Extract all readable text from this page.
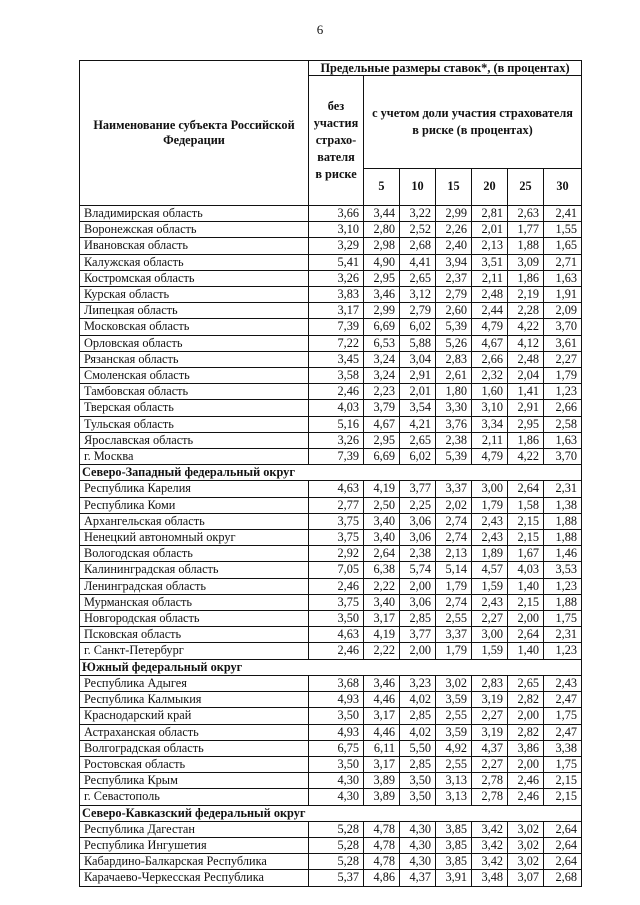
6
Наименование субъекта Российской Федерации	Предельные размеры ставок*, (в процентах)						
	без участия страхо-вателя в риске	с учетом доли участия страхователя в риске (в процентах)					
		5	10	15	20	25	30
Владимирская область	3,66	3,44	3,22	2,99	2,81	2,63	2,41
Воронежская область	3,10	2,80	2,52	2,26	2,01	1,77	1,55
Ивановская область	3,29	2,98	2,68	2,40	2,13	1,88	1,65
Калужская область	5,41	4,90	4,41	3,94	3,51	3,09	2,71
Костромская область	3,26	2,95	2,65	2,37	2,11	1,86	1,63
Курская область	3,83	3,46	3,12	2,79	2,48	2,19	1,91
Липецкая область	3,17	2,99	2,79	2,60	2,44	2,28	2,09
Московская область	7,39	6,69	6,02	5,39	4,79	4,22	3,70
Орловская область	7,22	6,53	5,88	5,26	4,67	4,12	3,61
Рязанская область	3,45	3,24	3,04	2,83	2,66	2,48	2,27
Смоленская область	3,58	3,24	2,91	2,61	2,32	2,04	1,79
Тамбовская область	2,46	2,23	2,01	1,80	1,60	1,41	1,23
Тверская область	4,03	3,79	3,54	3,30	3,10	2,91	2,66
Тульская область	5,16	4,67	4,21	3,76	3,34	2,95	2,58
Ярославская область	3,26	2,95	2,65	2,38	2,11	1,86	1,63
г. Москва	7,39	6,69	6,02	5,39	4,79	4,22	3,70
Северо-Западный федеральный округ							
Республика Карелия	4,63	4,19	3,77	3,37	3,00	2,64	2,31
Республика Коми	2,77	2,50	2,25	2,02	1,79	1,58	1,38
Архангельская область	3,75	3,40	3,06	2,74	2,43	2,15	1,88
Ненецкий автономный округ	3,75	3,40	3,06	2,74	2,43	2,15	1,88
Вологодская область	2,92	2,64	2,38	2,13	1,89	1,67	1,46
Калининградская область	7,05	6,38	5,74	5,14	4,57	4,03	3,53
Ленинградская область	2,46	2,22	2,00	1,79	1,59	1,40	1,23
Мурманская область	3,75	3,40	3,06	2,74	2,43	2,15	1,88
Новгородская область	3,50	3,17	2,85	2,55	2,27	2,00	1,75
Псковская область	4,63	4,19	3,77	3,37	3,00	2,64	2,31
г. Санкт-Петербург	2,46	2,22	2,00	1,79	1,59	1,40	1,23
Южный федеральный округ							
Республика Адыгея	3,68	3,46	3,23	3,02	2,83	2,65	2,43
Республика Калмыкия	4,93	4,46	4,02	3,59	3,19	2,82	2,47
Краснодарский край	3,50	3,17	2,85	2,55	2,27	2,00	1,75
Астраханская область	4,93	4,46	4,02	3,59	3,19	2,82	2,47
Волгоградская область	6,75	6,11	5,50	4,92	4,37	3,86	3,38
Ростовская область	3,50	3,17	2,85	2,55	2,27	2,00	1,75
Республика Крым	4,30	3,89	3,50	3,13	2,78	2,46	2,15
г. Севастополь	4,30	3,89	3,50	3,13	2,78	2,46	2,15
Северо-Кавказский федеральный округ							
Республика Дагестан	5,28	4,78	4,30	3,85	3,42	3,02	2,64
Республика Ингушетия	5,28	4,78	4,30	3,85	3,42	3,02	2,64
Кабардино-Балкарская Республика	5,28	4,78	4,30	3,85	3,42	3,02	2,64
Карачаево-Черкесская Республика	5,37	4,86	4,37	3,91	3,48	3,07	2,68
